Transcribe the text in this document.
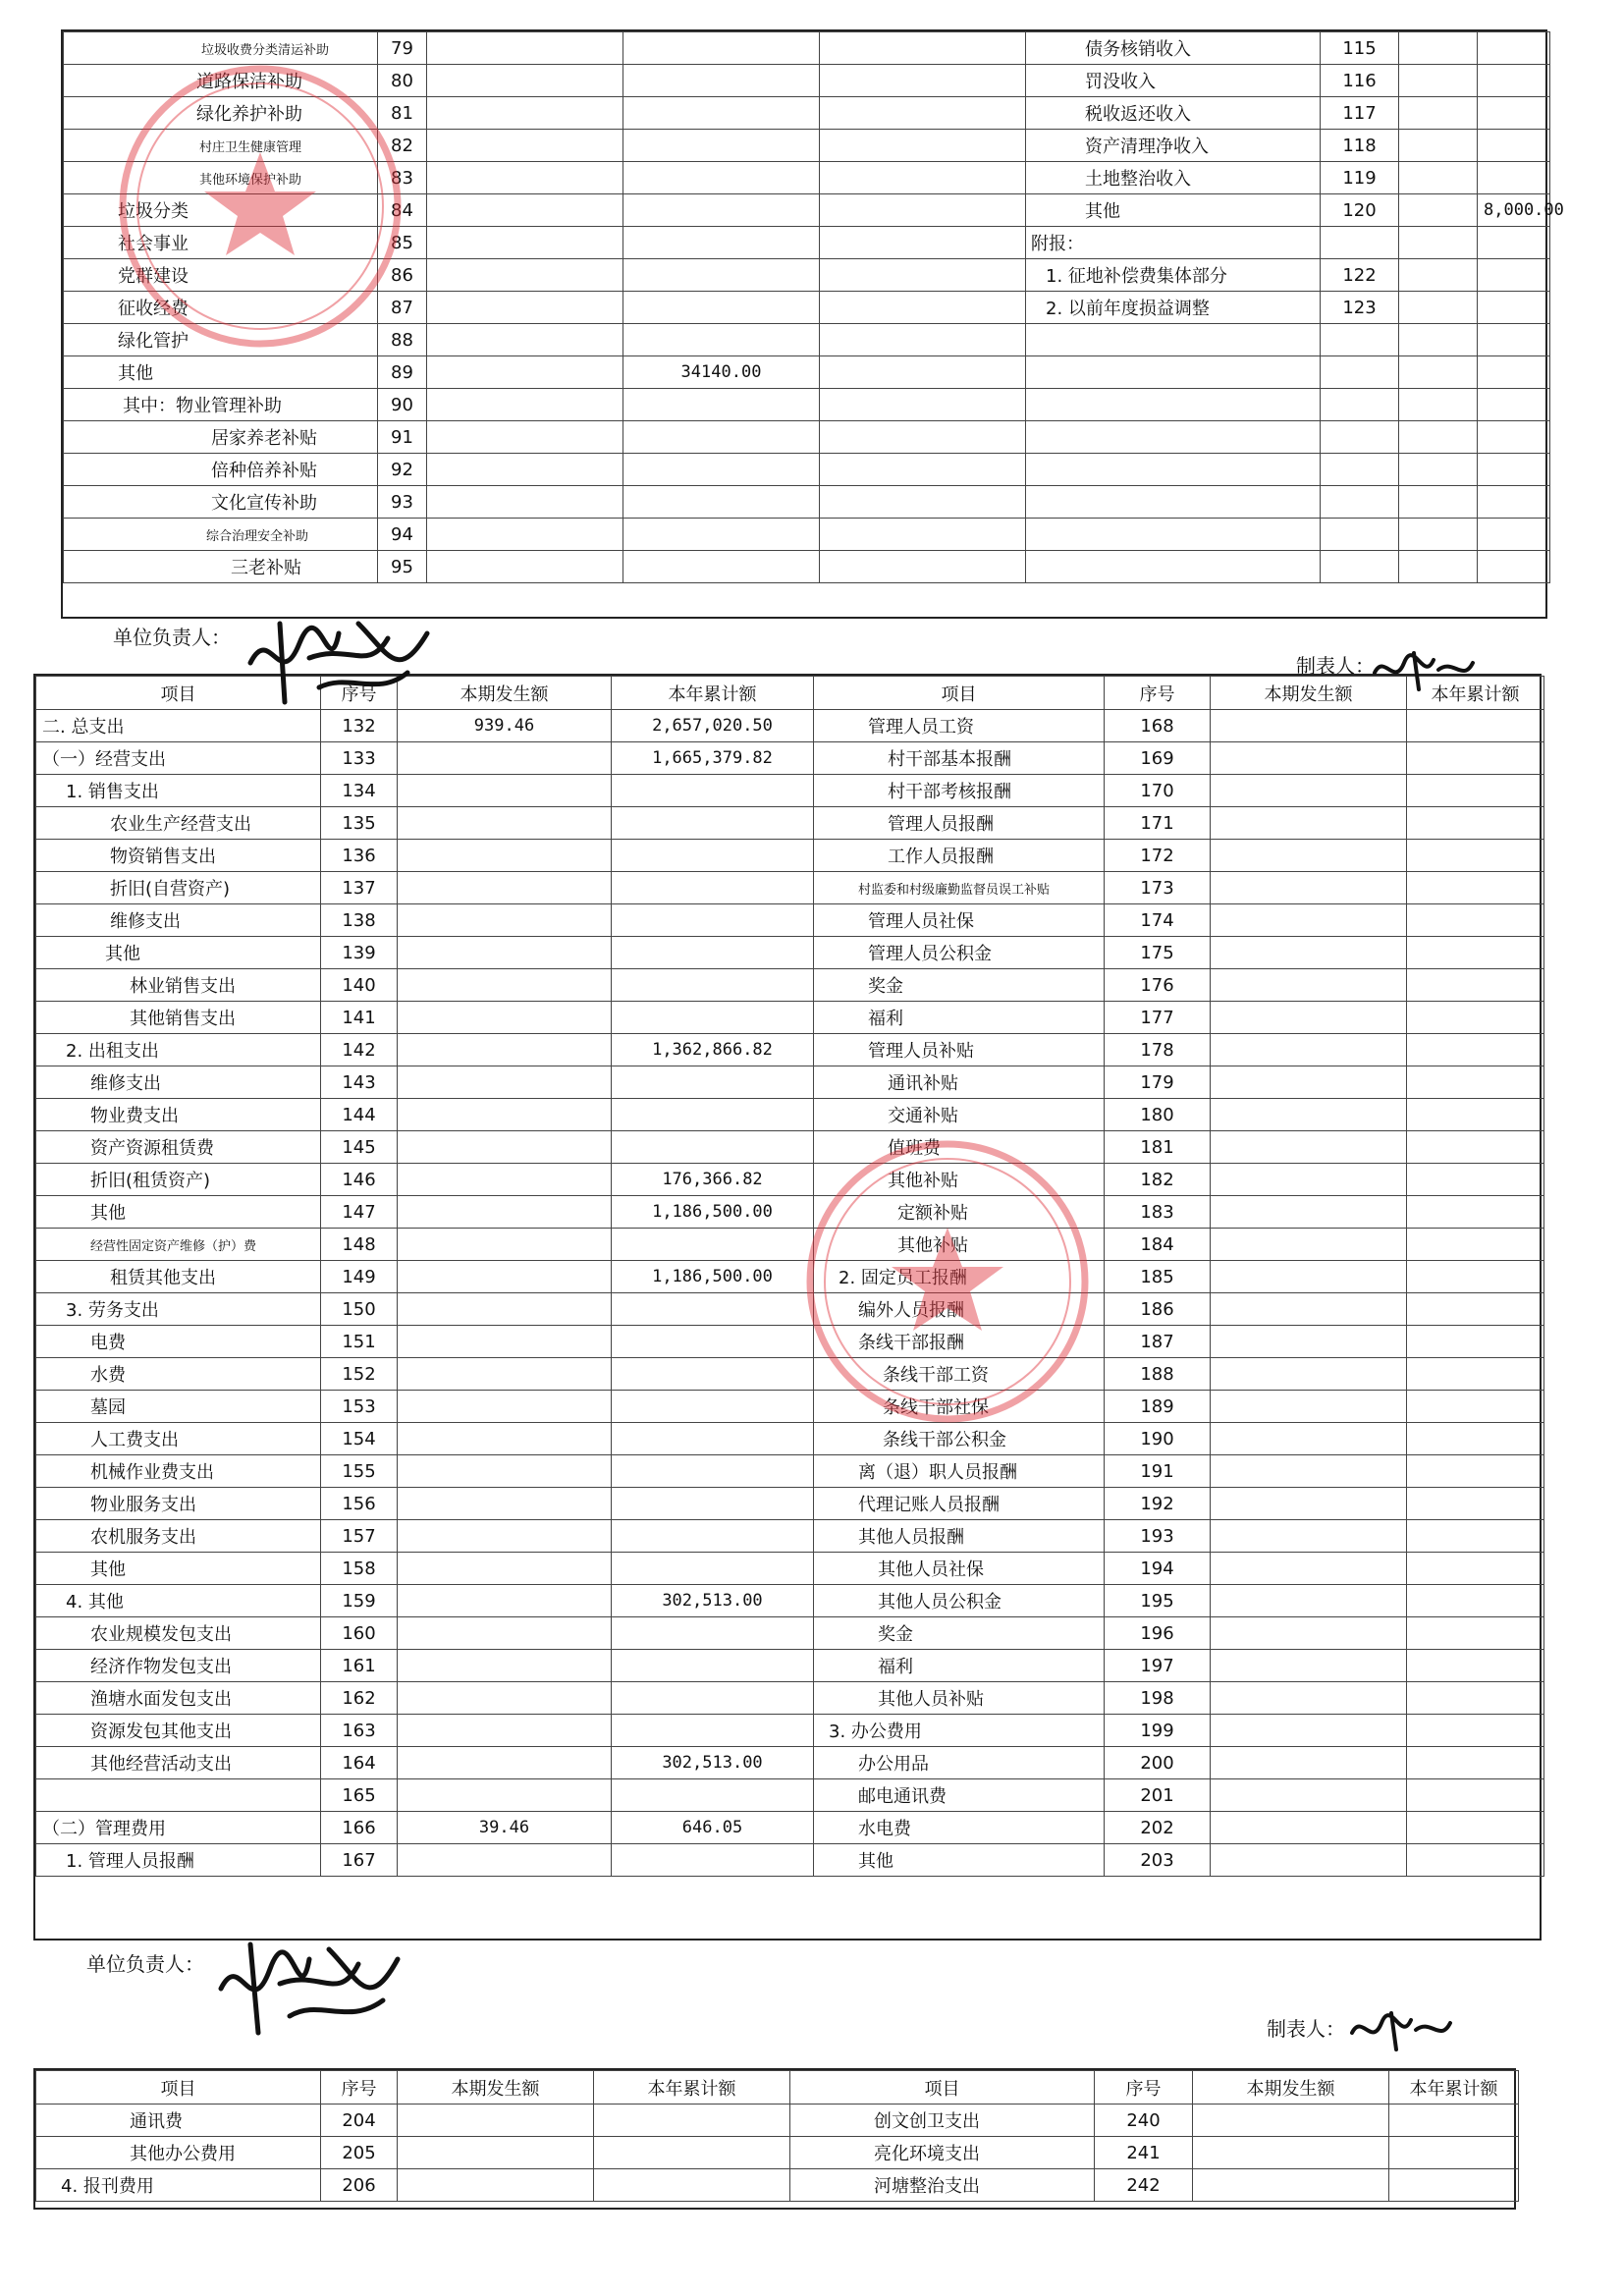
垃圾收费分类清运补助	79				债务核销收入	115		
道路保洁补助	80				罚没收入	116		
绿化养护补助	81				税收返还收入	117		
村庄卫生健康管理	82				资产清理净收入	118		
其他环境保护补助	83				土地整治收入	119		
垃圾分类	84				其他	120		8,000.00
社会事业	85				附报：			
党群建设	86				1. 征地补偿费集体部分	122		
征收经费	87				2. 以前年度损益调整	123		
绿化管护	88							
其他	89		34140.00					
其中：物业管理补助	90							
居家养老补贴	91							
倍种倍养补贴	92							
文化宣传补助	93							
综合治理安全补助	94							
三老补贴	95							
单位负责人：
制表人：
项目	序号	本期发生额	本年累计额	项目	序号	本期发生额	本年累计额
二. 总支出	132	939.46	2,657,020.50	管理人员工资	168		
（一）经营支出	133		1,665,379.82	村干部基本报酬	169		
1. 销售支出	134			村干部考核报酬	170		
农业生产经营支出	135			管理人员报酬	171		
物资销售支出	136			工作人员报酬	172		
折旧(自营资产)	137			村监委和村级廉勤监督员误工补贴	173		
维修支出	138			管理人员社保	174		
其他	139			管理人员公积金	175		
林业销售支出	140			奖金	176		
其他销售支出	141			福利	177		
2. 出租支出	142		1,362,866.82	管理人员补贴	178		
维修支出	143			通讯补贴	179		
物业费支出	144			交通补贴	180		
资产资源租赁费	145			值班费	181		
折旧(租赁资产)	146		176,366.82	其他补贴	182		
其他	147		1,186,500.00	定额补贴	183		
经营性固定资产维修（护）费	148			其他补贴	184		
租赁其他支出	149		1,186,500.00	2. 固定员工报酬	185		
3. 劳务支出	150			编外人员报酬	186		
电费	151			条线干部报酬	187		
水费	152			条线干部工资	188		
墓园	153			条线干部社保	189		
人工费支出	154			条线干部公积金	190		
机械作业费支出	155			离（退）职人员报酬	191		
物业服务支出	156			代理记账人员报酬	192		
农机服务支出	157			其他人员报酬	193		
其他	158			其他人员社保	194		
4. 其他	159		302,513.00	其他人员公积金	195		
农业规模发包支出	160			奖金	196		
经济作物发包支出	161			福利	197		
渔塘水面发包支出	162			其他人员补贴	198		
资源发包其他支出	163			3. 办公费用	199		
其他经营活动支出	164		302,513.00	办公用品	200		
	165			邮电通讯费	201		
（二）管理费用	166	39.46	646.05	水电费	202		
1. 管理人员报酬	167			其他	203		
单位负责人：
制表人：
项目	序号	本期发生额	本年累计额	项目	序号	本期发生额	本年累计额
通讯费	204			创文创卫支出	240		
其他办公费用	205			亮化环境支出	241		
4. 报刊费用	206			河塘整治支出	242		
